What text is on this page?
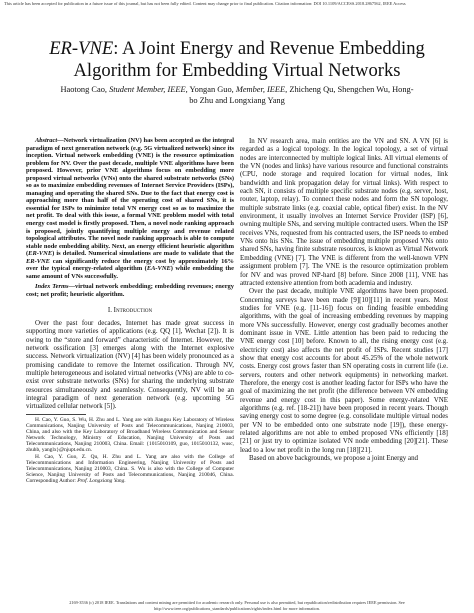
This article has been accepted for publication in a future issue of this journal, but has not been fully edited. Content may change prior to final publication. Citation information: DOI 10.1109/ACCESS.2018.2867562, IEEE Access
ER-VNE: A Joint Energy and Revenue Embedding
Algorithm for Embedding Virtual Networks
Haotong Cao, Student Member, IEEE, Yongan Guo, Member, IEEE, Zhicheng Qu, Shengchen Wu, Hong-
bo Zhu and Longxiang Yang

Abstract—Network virtualization (NV) has been accepted as the integral paradigm of next generation network (e.g. 5G virtualized network) since its inception. Virtual network embedding (VNE) is the resource optimization problem for NV. Over the past decade, multiple VNE algorithms have been proposed. However, prior VNE algorithms focus on embedding more proposed virtual networks (VNs) onto the shared substrate networks (SNs) so as to maximize embedding revenues of Internet Service Providers (ISPs), managing and operating the shared SNs. Due to the fact that energy cost is approaching more than half of the operating cost of shared SNs, it is essential for ISPs to minimize total VN energy cost so as to maximize the net profit. To deal with this issue, a formal VNE problem model with total energy cost model is firstly proposed. Then, a novel node ranking approach is proposed, jointly quantifying multiple energy and revenue related topological attributes. The novel node ranking approach is able to compute stable node embedding ability. Next, an energy efficient heuristic algorithm (ER-VNE) is detailed. Numerical simulations are made to validate that the ER-VNE can significantly reduce the energy cost by approximately 16% over the typical energy-related algorithm (EA-VNE) while embedding the same amount of VNs successfully.

Index Terms—virtual network embedding; embedding revenues; energy cost; net profit; heuristic algorithm.

I. Introduction

Over the past four decades, Internet has made great success in supporting more varieties of applications (e.g. QQ [1], Wechat [2]). It is owing to the “store and forward” characteristic of Internet. However, the network ossification [3] emerges along with the Internet explosive success. Network virtualization (NV) [4] has been widely pronounced as a promising candidate to remove the Internet ossification. Through NV, multiple heterogeneous and isolated virtual networks (VNs) are able to co-exist over substrate networks (SNs) for sharing the underlying substrate resources simultaneously and seamlessly. Consequently, NV will be an integral paradigm of next generation network (e.g. upcoming 5G virtualized cellular network [5]).

H. Cao, Y. Guo, S. Wu, H. Zhu and L. Yang are with Jiangsu Key Laboratory of Wireless Communications, Nanjing University of Posts and Telecommunications, Nanjing 210003, China, and also with the Key Laboratory of Broadband Wireless Communication and Sensor Network Technology, Ministry of Education, Nanjing University of Posts and Telecommunications, Nanjing 210003, China. Email: {1015010109, guo, 1015010132, wusc, zhuhb, yanglx}@njupt.edu.cn.

H. Cao, Y. Guo, Z. Qu, H. Zhu and L. Yang are also with the College of Telecommunications and Information Engineering, Nanjing University of Posts and Telecommunications, Nanjing 210003, China. S. Wu is also with the College of Computer Science, Nanjing University of Posts and Telecommunications, Nanjing 210046, China. Corresponding Author: Prof. Longxiang Yang.

In NV research area, main entities are the VN and SN. A VN [6] is regarded as a logical topology. In the logical topology, a set of virtual nodes are interconnected by multiple logical links. All virtual elements of the VN (nodes and links) have various resource and functional constraints (CPU, node storage and required location for virtual nodes, link bandwidth and link propagation delay for virtual links). With respect to each SN, it consists of multiple specific substrate nodes (e.g. server, host, router, laptop, relay). To connect these nodes and form the SN topology, multiple substrate links (e.g. coaxial cable, optical fiber) exist. In the NV environment, it usually involves an Internet Service Provider (ISP) [6], owning multiple SNs, and serving multiple contracted users. When the ISP receives VNs, requested from his contracted users, the ISP needs to embed VNs onto his SNs. The issue of embedding multiple proposed VNs onto shared SNs, having finite substrate resources, is known as Virtual Network Embedding (VNE) [7]. The VNE is different from the well-known VPN assignment problem [7]. The VNE is the resource optimization problem for NV and was proved NP-hard [8] before. Since 2008 [11], VNE has attracted extensive attention from both academia and industry.

Over the past decade, multiple VNE algorithms have been proposed. Concerning surveys have been made [9][10][11] in recent years. Most studies for VNE (e.g. [11-16]) focus on finding feasible embedding algorithms, with the goal of increasing embedding revenues by mapping more VNs successfully. However, energy cost gradually becomes another dominant issue in VNE. Little attention has been paid to reducing the VNE energy cost [10] before. Known to all, the rising energy cost (e.g. electricity cost) also affects the net profit of ISPs. Recent studies [17] show that energy cost accounts for about 45.25% of the whole network costs. Energy cost grows faster than SN operating costs in current life (i.e. servers, routers and other network equipments) in networking market. Therefore, the energy cost is another leading factor for ISPs who have the goal of maximizing the net profit (the difference between VN embedding revenue and energy cost in this paper). Some energy-related VNE algorithms (e.g. ref. [18-21]) have been proposed in recent years. Though saving energy cost to some degree (e.g. consolidate multiple virtual nodes per VN to be embedded onto one substrate node [19]), these energy-related algorithms are not able to embed proposed VNs efficiently [18][21] or just try to optimize isolated VN node embedding [20][21]. These lead to a low net profit in the long run [18][21].

Based on above backgrounds, we propose a joint Energy and

2169-3536 (c) 2018 IEEE. Translations and content mining are permitted for academic research only. Personal use is also permitted, but republication/redistribution requires IEEE permission. See
http://www.ieee.org/publications_standards/publications/rights/index.html for more information.
